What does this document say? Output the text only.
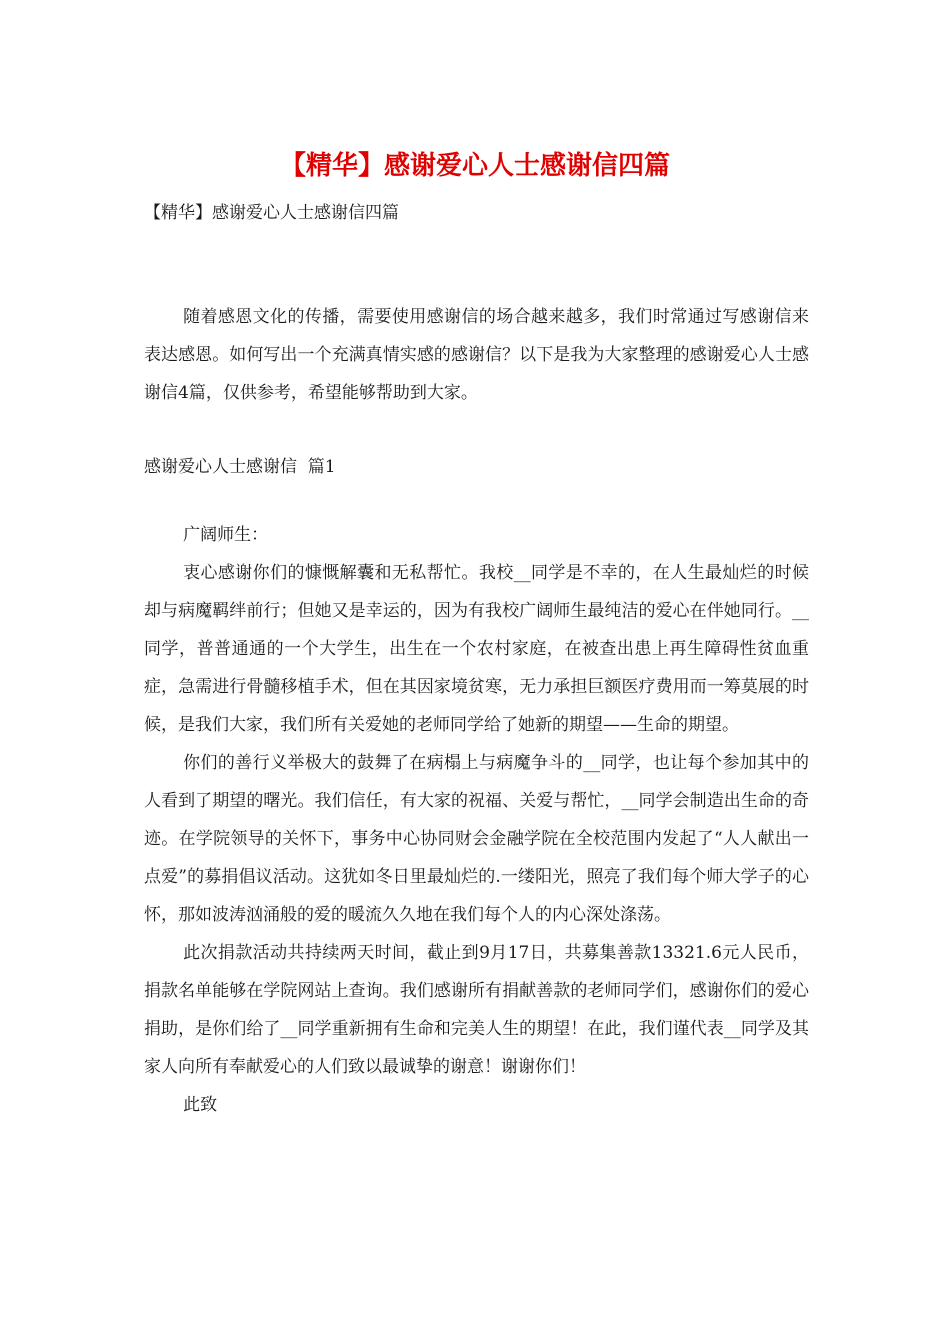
【精华】感谢爱心人士感谢信四篇
【精华】感谢爱心人士感谢信四篇

随着感恩文化的传播，需要使用感谢信的场合越来越多，我们时常通过写感谢信来表达感恩。如何写出一个充满真情实感的感谢信？以下是我为大家整理的感谢爱心人士感谢信4篇，仅供参考，希望能够帮助到大家。

感谢爱心人士感谢信  篇1

广阔师生：

衷心感谢你们的慷慨解囊和无私帮忙。我校__同学是不幸的，在人生最灿烂的时候却与病魔羁绊前行；但她又是幸运的，因为有我校广阔师生最纯洁的爱心在伴她同行。__同学，普普通通的一个大学生，出生在一个农村家庭，在被查出患上再生障碍性贫血重症，急需进行骨髓移植手术，但在其因家境贫寒，无力承担巨额医疗费用而一筹莫展的时候，是我们大家，我们所有关爱她的老师同学给了她新的期望——生命的期望。

你们的善行义举极大的鼓舞了在病榻上与病魔争斗的__同学，也让每个参加其中的人看到了期望的曙光。我们信任，有大家的祝福、关爱与帮忙，__同学会制造出生命的奇迹。在学院领导的关怀下，事务中心协同财会金融学院在全校范围内发起了“人人献出一点爱”的募捐倡议活动。这犹如冬日里最灿烂的.一缕阳光，照亮了我们每个师大学子的心怀，那如波涛汹涌般的爱的暖流久久地在我们每个人的内心深处涤荡。

此次捐款活动共持续两天时间，截止到9月17日，共募集善款13321.6元人民币，捐款名单能够在学院网站上查询。我们感谢所有捐献善款的老师同学们，感谢你们的爱心捐助，是你们给了__同学重新拥有生命和完美人生的期望！在此，我们谨代表__同学及其家人向所有奉献爱心的人们致以最诚挚的谢意！谢谢你们！

此致
